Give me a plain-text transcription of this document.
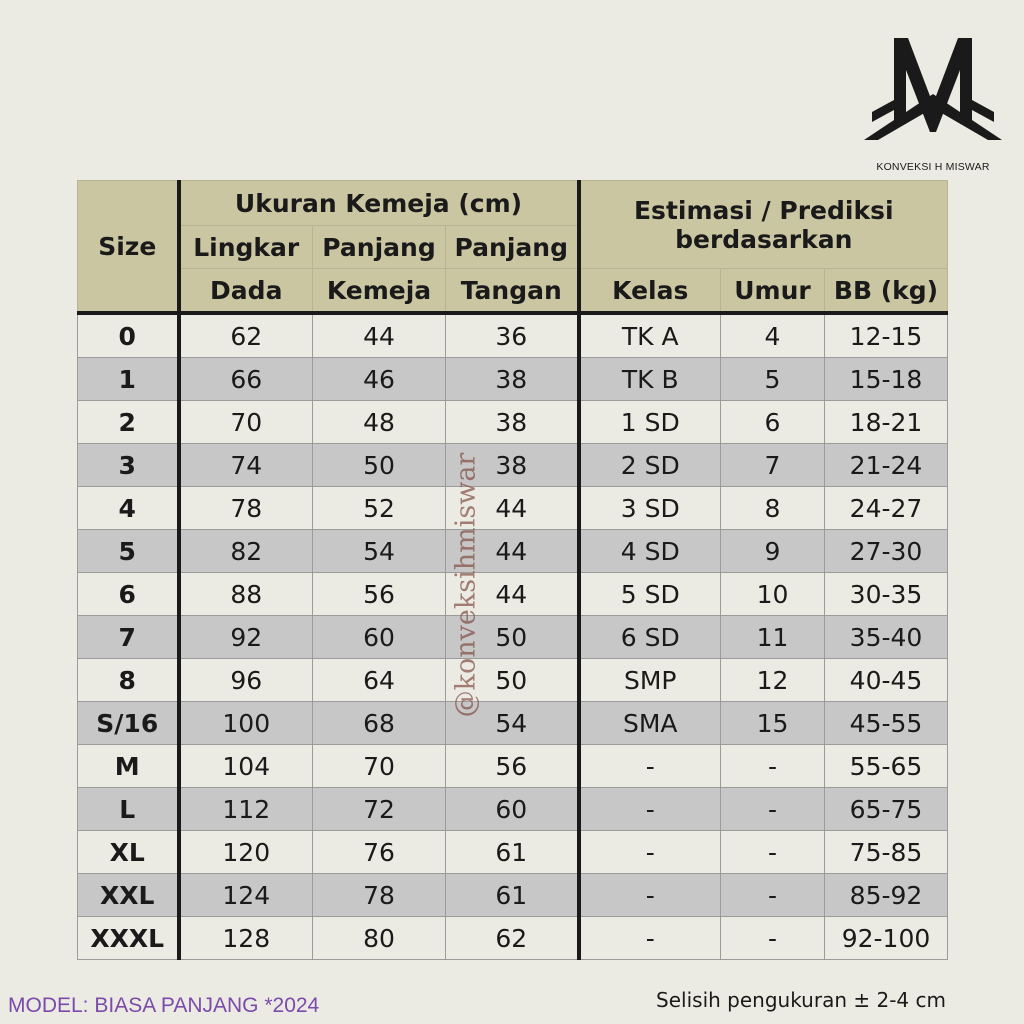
KONVEKSI H MISWAR
Size	Ukuran Kemeja (cm)			Estimasi / Prediksi
berdasarkan		

	Lingkar	Panjang	Panjang			
	Dada	Kemeja	Tangan	Kelas	Umur	BB (kg)
0	62	44	36	TK A	4	12-15
1	66	46	38	TK B	5	15-18
2	70	48	38	1 SD	6	18-21
3	74	50	38	2 SD	7	21-24
4	78	52	44	3 SD	8	24-27
5	82	54	44	4 SD	9	27-30
6	88	56	44	5 SD	10	30-35
7	92	60	50	6 SD	11	35-40
8	96	64	50	SMP	12	40-45
S/16	100	68	54	SMA	15	45-55
M	104	70	56	-	-	55-65
L	112	72	60	-	-	65-75
XL	120	76	61	-	-	75-85
XXL	124	78	61	-	-	85-92
XXXL	128	80	62	-	-	92-100
@konveksihmiswar
MODEL: BIASA PANJANG *2024	Selisih pengukuran ± 2-4 cm
